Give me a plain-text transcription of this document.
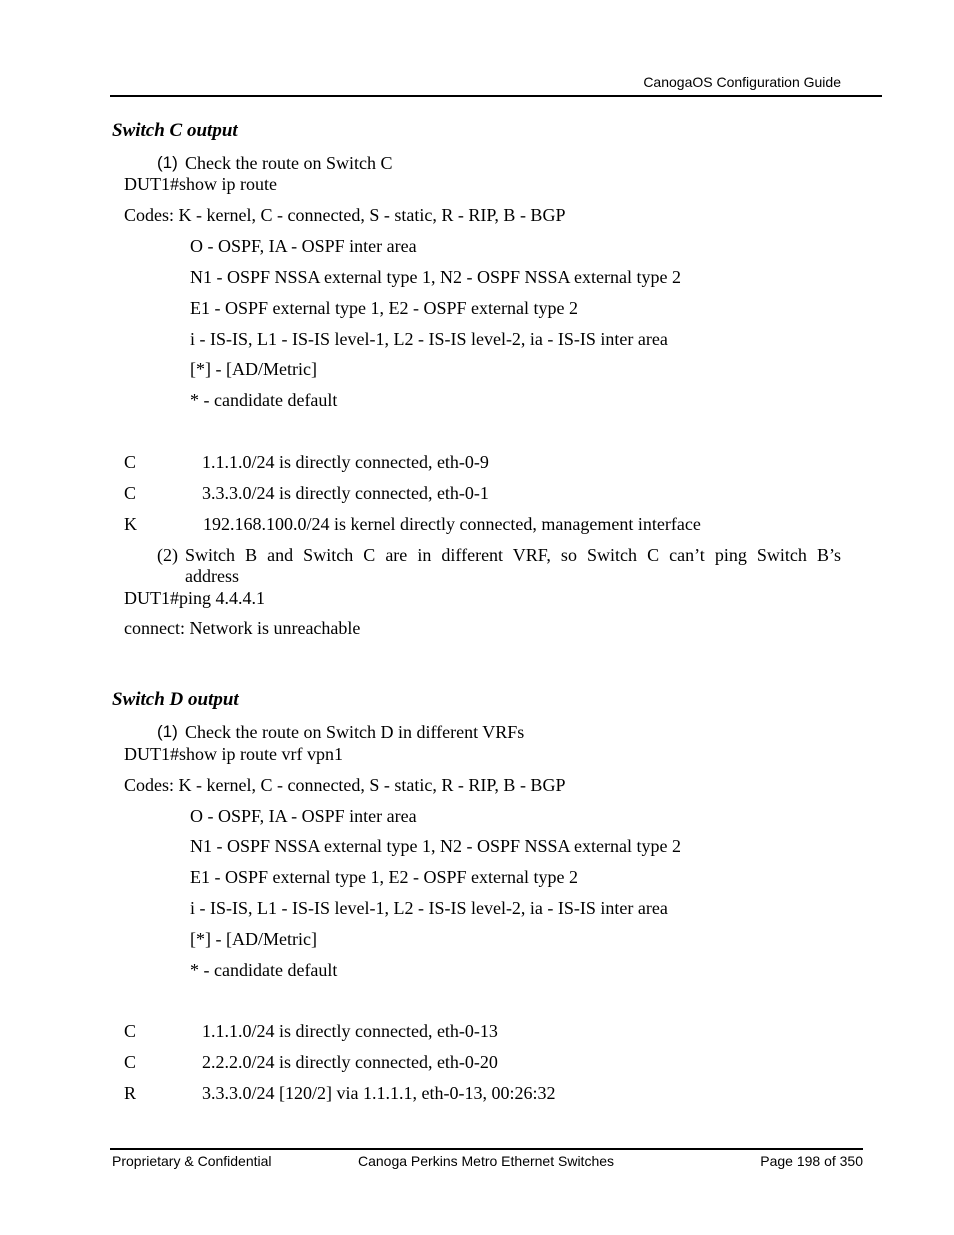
CanogaOS Configuration Guide
Switch C output
(1) Check the route on Switch C
DUT1#show ip route
Codes: K - kernel, C - connected, S - static, R - RIP, B - BGP
O - OSPF, IA - OSPF inter area
N1 - OSPF NSSA external type 1, N2 - OSPF NSSA external type 2
E1 - OSPF external type 1, E2 - OSPF external type 2
i - IS-IS, L1 - IS-IS level-1, L2 - IS-IS level-2, ia - IS-IS inter area
[*] - [AD/Metric]
* - candidate default
C	1.1.1.0/24 is directly connected, eth-0-9
C	3.3.3.0/24 is directly connected, eth-0-1
K	192.168.100.0/24 is kernel directly connected, management interface
(2) Switch B and Switch C are in different VRF, so Switch C can’t ping Switch B’s
address
DUT1#ping 4.4.4.1
connect: Network is unreachable
Switch D output
(1) Check the route on Switch D in different VRFs
DUT1#show ip route vrf vpn1
Codes: K - kernel, C - connected, S - static, R - RIP, B - BGP
O - OSPF, IA - OSPF inter area
N1 - OSPF NSSA external type 1, N2 - OSPF NSSA external type 2
E1 - OSPF external type 1, E2 - OSPF external type 2
i - IS-IS, L1 - IS-IS level-1, L2 - IS-IS level-2, ia - IS-IS inter area
[*] - [AD/Metric]
* - candidate default
C	1.1.1.0/24 is directly connected, eth-0-13
C	2.2.2.0/24 is directly connected, eth-0-20
R	3.3.3.0/24 [120/2] via 1.1.1.1, eth-0-13, 00:26:32
Proprietary & Confidential	Canoga Perkins Metro Ethernet Switches	Page 198 of 350
